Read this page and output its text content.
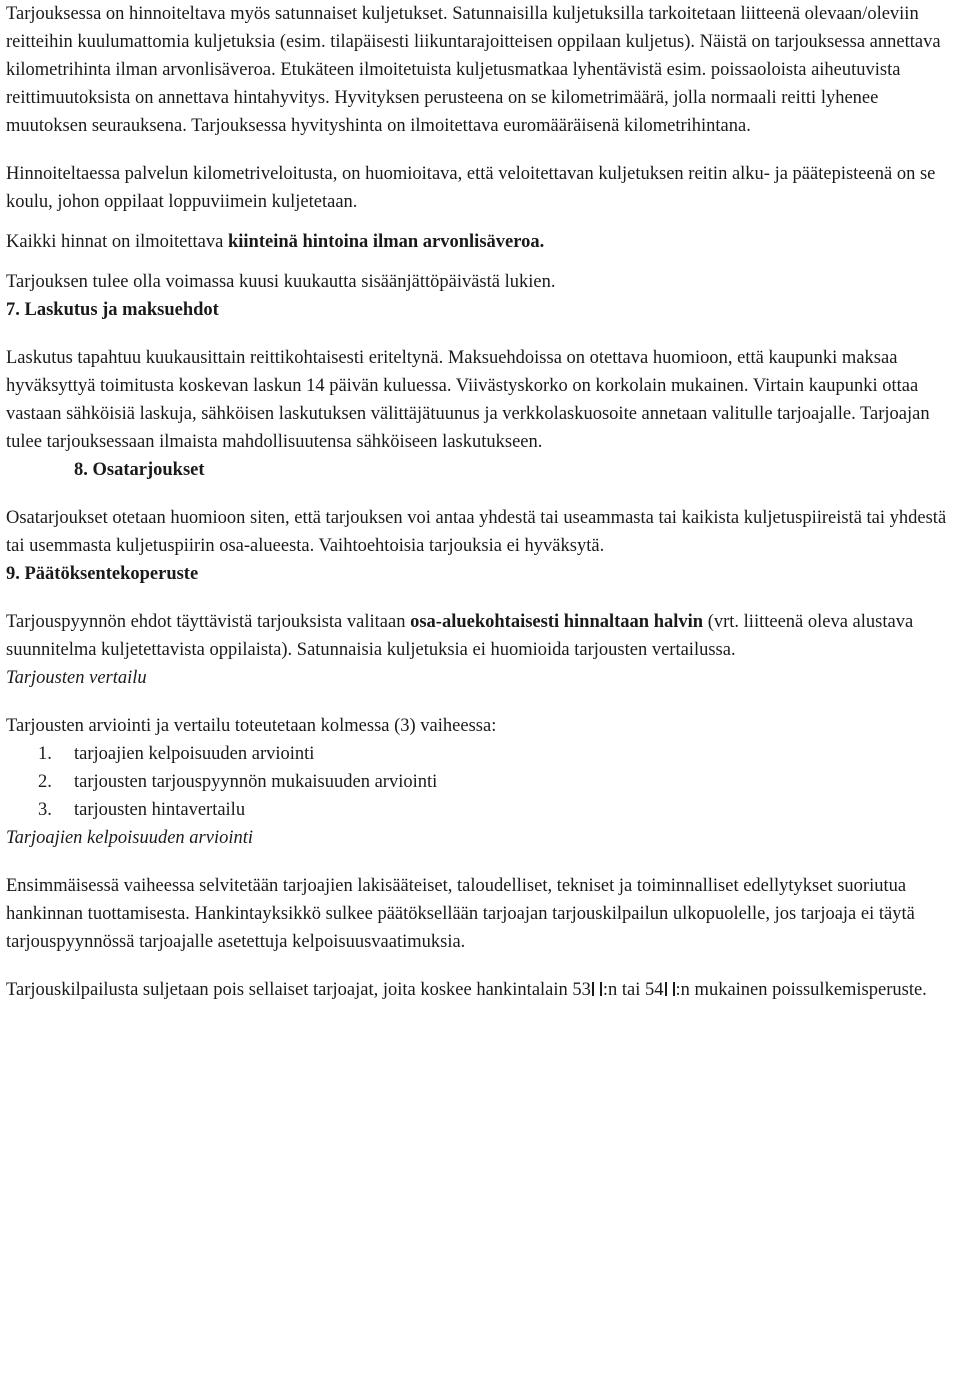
Tarjouksessa on hinnoiteltava myös satunnaiset kuljetukset. Satunnaisilla kuljetuksilla tarkoitetaan liitteenä olevaan/oleviin reitteihin kuulumattomia kuljetuksia (esim. tilapäisesti liikuntarajoitteisen oppilaan kuljetus). Näistä on tarjouksessa annettava kilometrihinta ilman arvonlisäveroa. Etukäteen ilmoitetuista kuljetusmatkaa lyhentävistä esim. poissaoloista aiheutuvista reittimuutoksista on annettava hintahyvitys. Hyvityksen perusteena on se kilometrimäärä, jolla normaali reitti lyhenee muutoksen seurauksena. Tarjouksessa hyvityshinta on ilmoitettava euromääräisenä kilometrihintana.

Hinnoiteltaessa palvelun kilometriveloitusta, on huomioitava, että veloitettavan kuljetuksen reitin alku- ja päätepisteenä on se koulu, johon oppilaat loppuviimein kuljetetaan.

Kaikki hinnat on ilmoitettava kiinteinä hintoina ilman arvonlisäveroa.

Tarjouksen tulee olla voimassa kuusi kuukautta sisäänjättöpäivästä lukien.

7. Laskutus ja maksuehdot

Laskutus tapahtuu kuukausittain reittikohtaisesti eriteltynä. Maksuehdoissa on otettava huomioon, että kaupunki maksaa hyväksyttyä toimitusta koskevan laskun 14 päivän kuluessa. Viivästyskorko on korkolain mukainen. Virtain kaupunki ottaa vastaan sähköisiä laskuja, sähköisen laskutuksen välittäjätuunus ja verkkolaskuosoite annetaan valitulle tarjoajalle. Tarjoajan tulee tarjouksessaan ilmaista mahdollisuutensa sähköiseen laskutukseen.

8. Osatarjoukset

Osatarjoukset otetaan huomioon siten, että tarjouksen voi antaa yhdestä tai useammasta tai kaikista kuljetuspiireistä tai yhdestä tai usemmasta kuljetuspiirin osa-alueesta. Vaihtoehtoisia tarjouksia ei hyväksytä.

9. Päätöksentekoperuste

Tarjouspyynnön ehdot täyttävistä tarjouksista valitaan osa-aluekohtaisesti hinnaltaan halvin (vrt. liitteenä oleva alustava suunnitelma kuljetettavista oppilaista). Satunnaisia kuljetuksia ei huomioida tarjousten vertailussa.

Tarjousten vertailu

Tarjousten arviointi ja vertailu toteutetaan kolmessa (3) vaiheessa:

1.	tarjoajien kelpoisuuden arviointi
2.	tarjousten tarjouspyynnön mukaisuuden arviointi
3.	tarjousten hintavertailu
Tarjoajien kelpoisuuden arviointi

Ensimmäisessä vaiheessa selvitetään tarjoajien lakisääteiset, taloudelliset, tekniset ja toiminnalliset edellytykset suoriutua hankinnan tuottamisesta. Hankintayksikkö sulkee päätöksellään tarjoajan tarjouskilpailun ulkopuolelle, jos tarjoaja ei täytä tarjouspyynnössä tarjoajalle asetettuja kelpoisuusvaatimuksia.

Tarjouskilpailusta suljetaan pois sellaiset tarjoajat, joita koskee hankintalain 53 :n tai 54 :n mukainen poissulkemisperuste.
